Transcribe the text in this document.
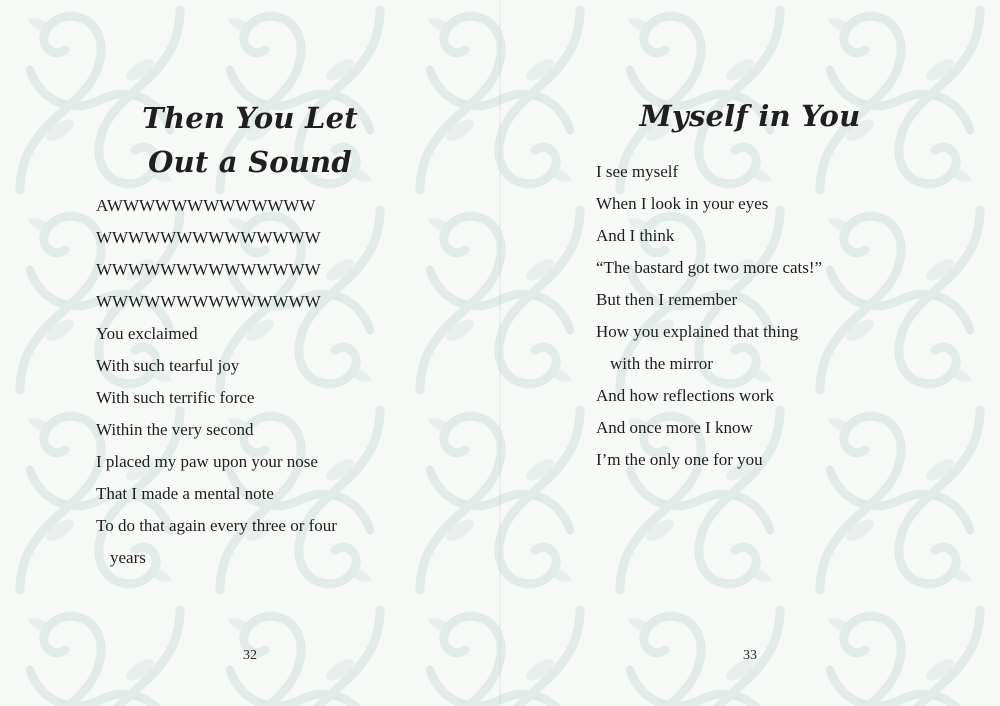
Then You Let
Out a Sound
AWWWWWWWWWWWWW
WWWWWWWWWWWWWW
WWWWWWWWWWWWWW
WWWWWWWWWWWWWW
You exclaimed
With such tearful joy
With such terrific force
Within the very second
I placed my paw upon your nose
That I made a mental note
To do that again every three or four
years
32
Myself in You
I see myself
When I look in your eyes
And I think
“The bastard got two more cats!”
But then I remember
How you explained that thing
with the mirror
And how reflections work
And once more I know
I’m the only one for you
33
